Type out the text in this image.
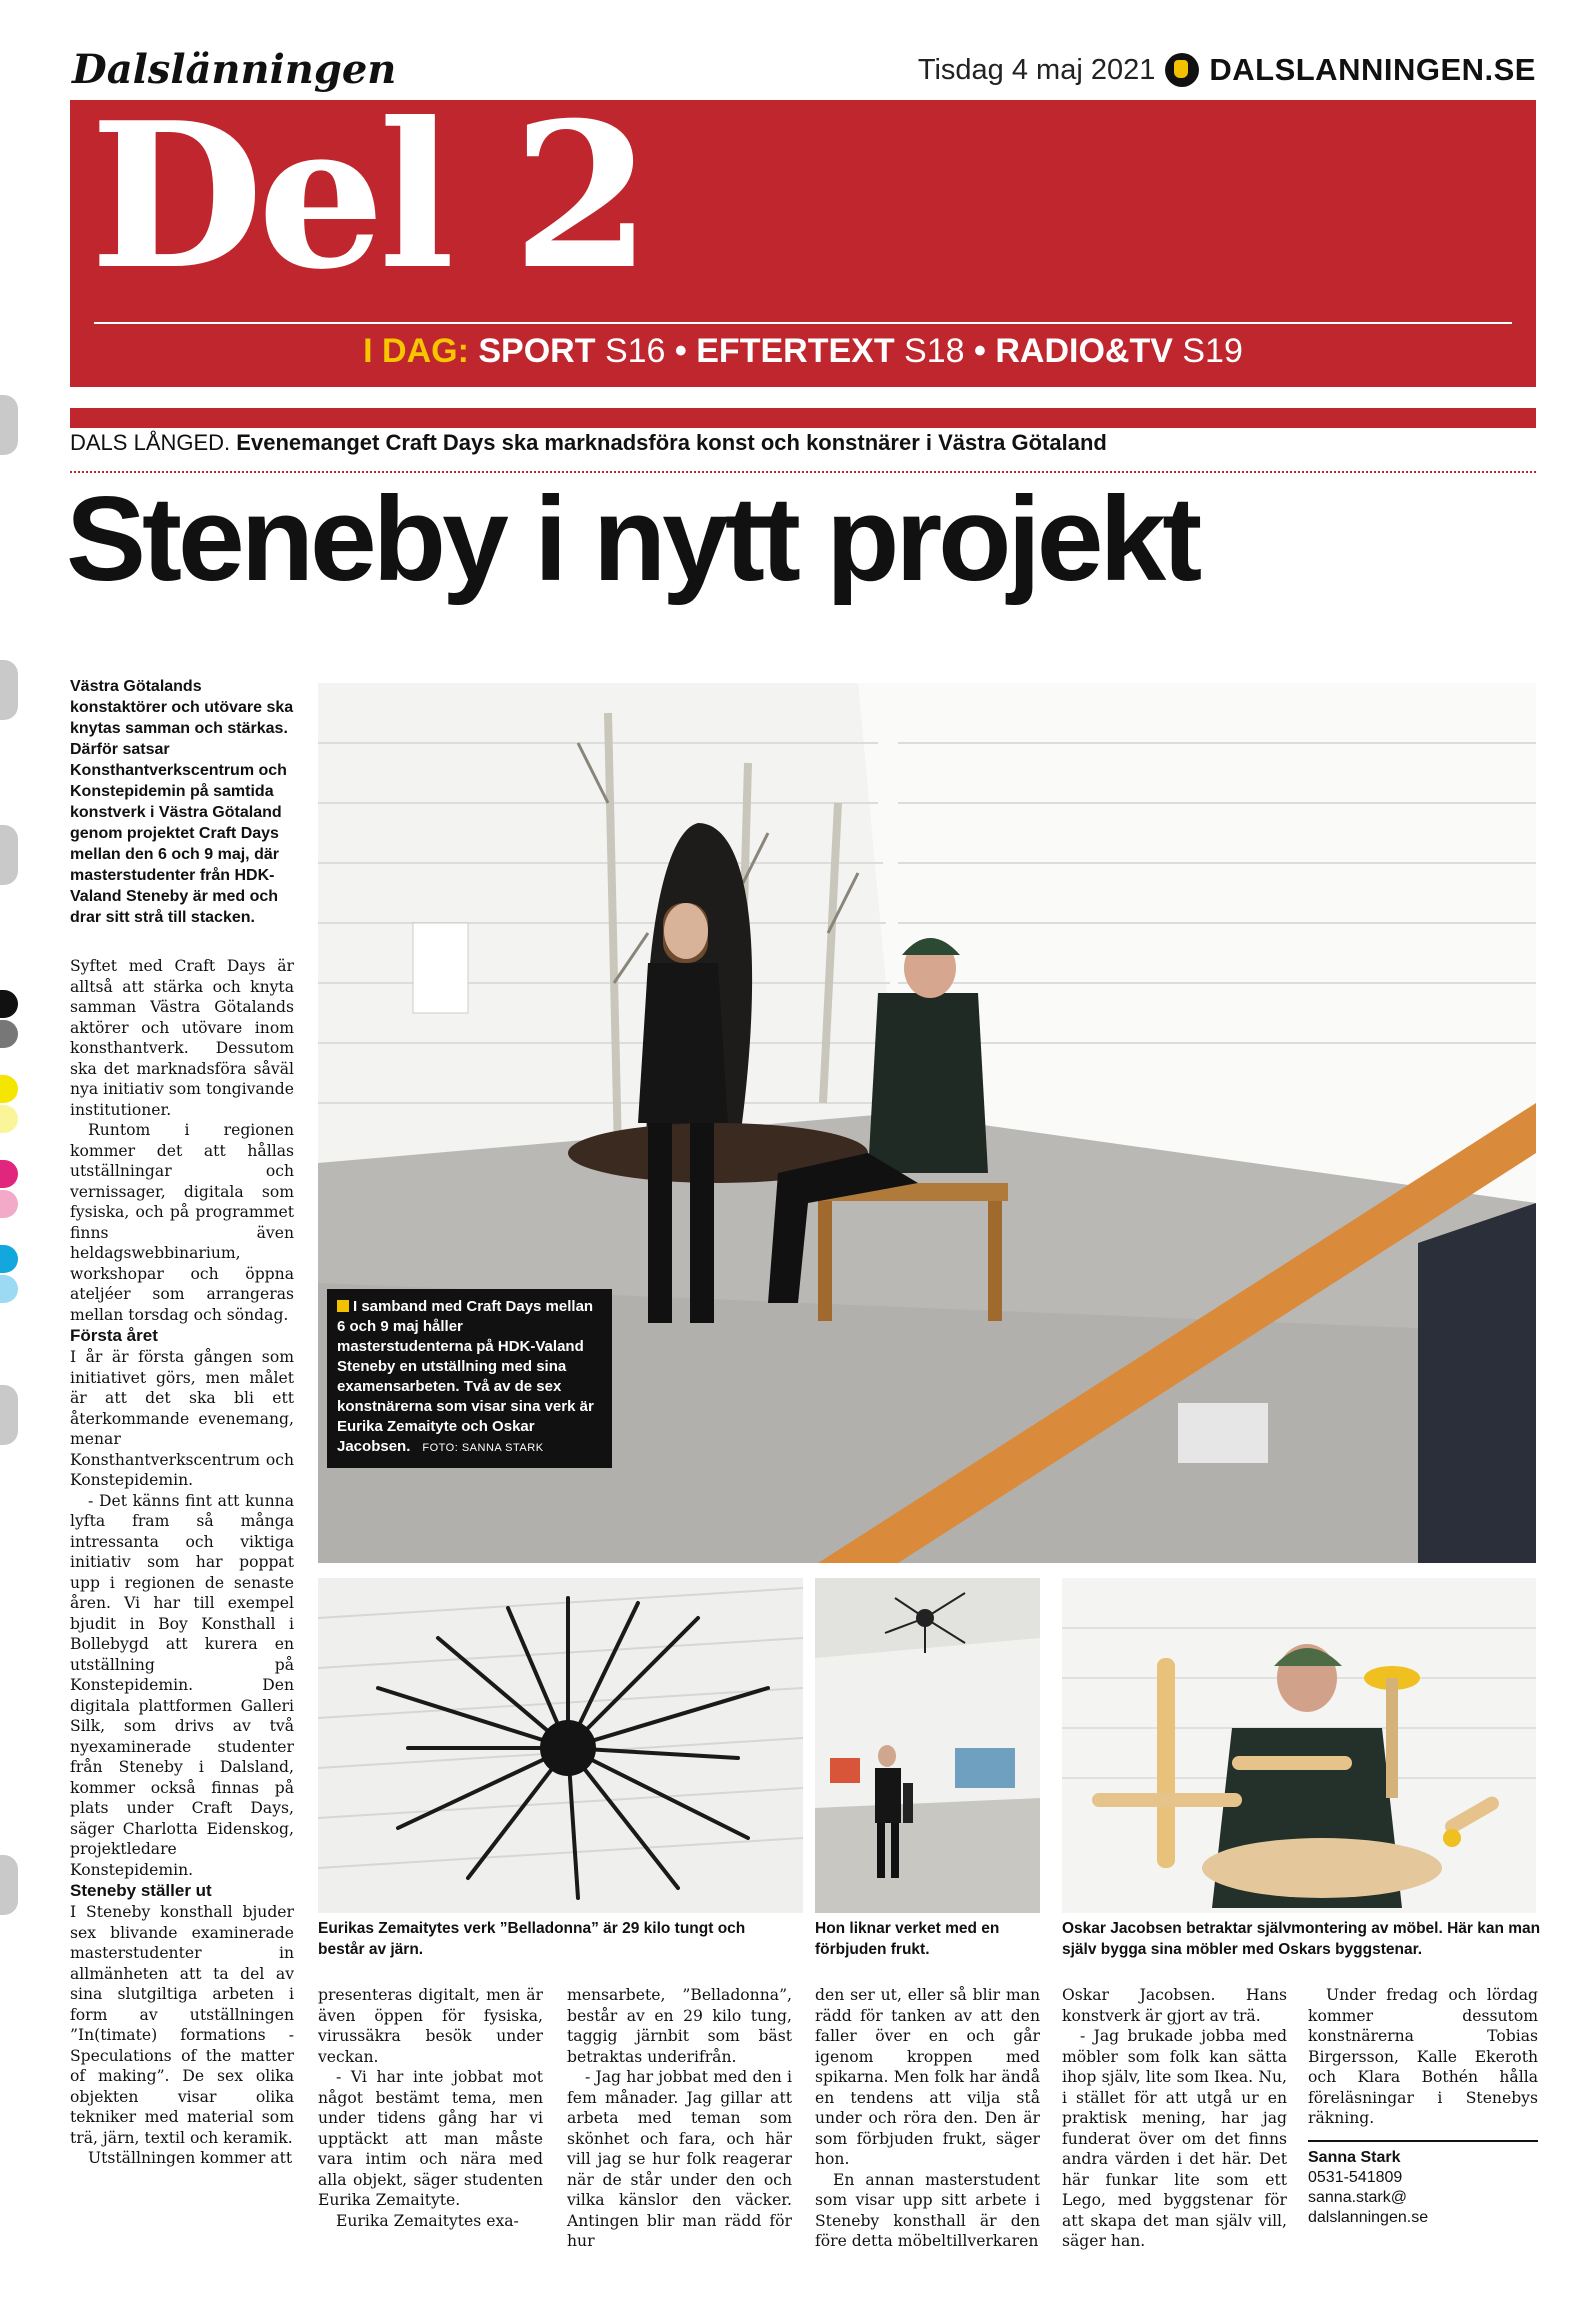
Dalslänningen	Tisdag 4 maj 2021 DALSLANNINGEN.SE
Del 2
I DAG: SPORT S16 • EFTERTEXT S18 • RADIO&TV S19
DALS LÅNGED. Evenemanget Craft Days ska marknadsföra konst och konstnärer i Västra Götaland
Steneby i nytt projekt

Västra Götalands konstaktörer och utövare ska knytas samman och stärkas. Därför satsar Konsthantverkscentrum och Konstepidemin på samtida konstverk i Västra Götaland genom projektet Craft Days mellan den 6 och 9 maj, där masterstudenter från HDK-Valand Steneby är med och drar sitt strå till stacken.

Syftet med Craft Days är alltså att stärka och knyta samman Västra Götalands aktörer och utövare inom konsthantverk. Dessutom ska det marknadsföra såväl nya initiativ som tongivande institutioner.

Runtom i regionen kommer det att hållas utställningar och vernissager, digitala som fysiska, och på programmet finns även heldagswebbinarium, workshopar och öppna ateljéer som arrangeras mellan torsdag och söndag.

Första året

I år är första gången som initiativet görs, men målet är att det ska bli ett återkommande evenemang, menar Konsthantverkscentrum och Konstepidemin.

- Det känns fint att kunna lyfta fram så många intressanta och viktiga initiativ som har poppat upp i regionen de senaste åren. Vi har till exempel bjudit in Boy Konsthall i Bollebygd att kurera en utställning på Konstepidemin. Den digitala plattformen Galleri Silk, som drivs av två nyexaminerade studenter från Steneby i Dalsland, kommer också finnas på plats under Craft Days, säger Charlotta Eidenskog, projektledare Konstepidemin.

Steneby ställer ut

I Steneby konsthall bjuder sex blivande examinerade masterstudenter in allmänheten att ta del av sina slutgiltiga arbeten i form av utställningen ”In(timate) formations - Speculations of the matter of making”. De sex olika objekten visar olika tekniker med material som trä, järn, textil och keramik.

Utställningen kommer att

I samband med Craft Days mellan 6 och 9 maj håller masterstudenterna på HDK-Valand Steneby en utställning med sina examensarbeten. Två av de sex konstnärerna som visar sina verk är Eurika Zemaityte och Oskar Jacobsen. FOTO: SANNA STARK
Eurikas Zemaitytes verk ”Belladonna” är 29 kilo tungt och består av järn.
Hon liknar verket med en förbjuden frukt.
Oskar Jacobsen betraktar självmontering av möbel. Här kan man själv bygga sina möbler med Oskars byggstenar.

presenteras digitalt, men är även öppen för fysiska, virussäkra besök under veckan.

- Vi har inte jobbat mot något bestämt tema, men under tidens gång har vi upptäckt att man måste vara intim och nära med alla objekt, säger studenten Eurika Zemaityte.

Eurika Zemaitytes exa-

mensarbete, ”Belladonna”, består av en 29 kilo tung, taggig järnbit som bäst betraktas underifrån.

- Jag har jobbat med den i fem månader. Jag gillar att arbeta med teman som skönhet och fara, och här vill jag se hur folk reagerar när de står under den och vilka känslor den väcker. Antingen blir man rädd för hur

den ser ut, eller så blir man rädd för tanken av att den faller över en och går igenom kroppen med spikarna. Men folk har ändå en tendens att vilja stå under och röra den. Den är som förbjuden frukt, säger hon.

En annan masterstudent som visar upp sitt arbete i Steneby konsthall är den före detta möbeltillverkaren

Oskar Jacobsen. Hans konstverk är gjort av trä.

- Jag brukade jobba med möbler som folk kan sätta ihop själv, lite som Ikea. Nu, i stället för att utgå ur en praktisk mening, har jag funderat över om det finns andra värden i det här. Det här funkar lite som ett Lego, med byggstenar för att skapa det man själv vill, säger han.

Under fredag och lördag kommer dessutom konstnärerna Tobias Birgersson, Kalle Ekeroth och Klara Bothén hålla föreläsningar i Stenebys räkning.

Sanna Stark
0531-541809
sanna.stark@
dalslanningen.se
